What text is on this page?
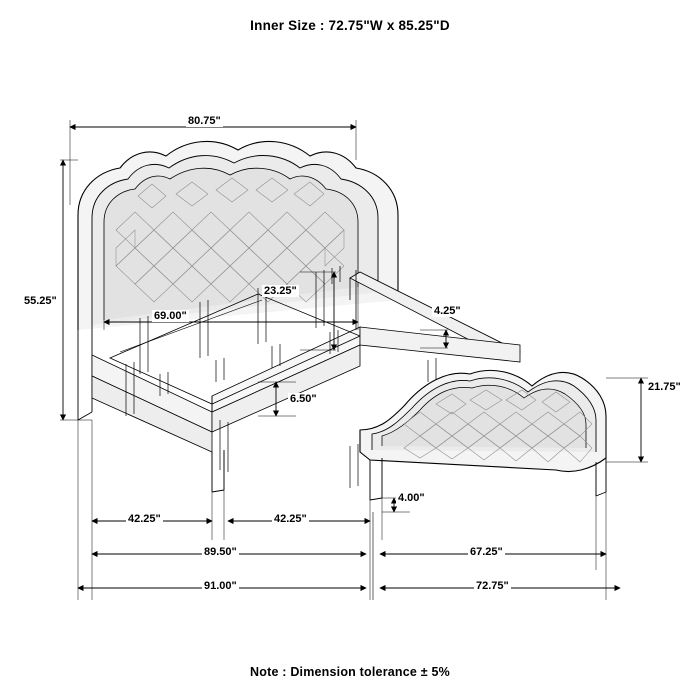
Inner Size : 72.75"W x 85.25"D
80.75"
55.25"
69.00"
23.25"
4.25"
21.75"
6.50"
4.00"
42.25"	42.25"
89.50"	67.25"
91.00"	72.75"
Note : Dimension tolerance ± 5%
